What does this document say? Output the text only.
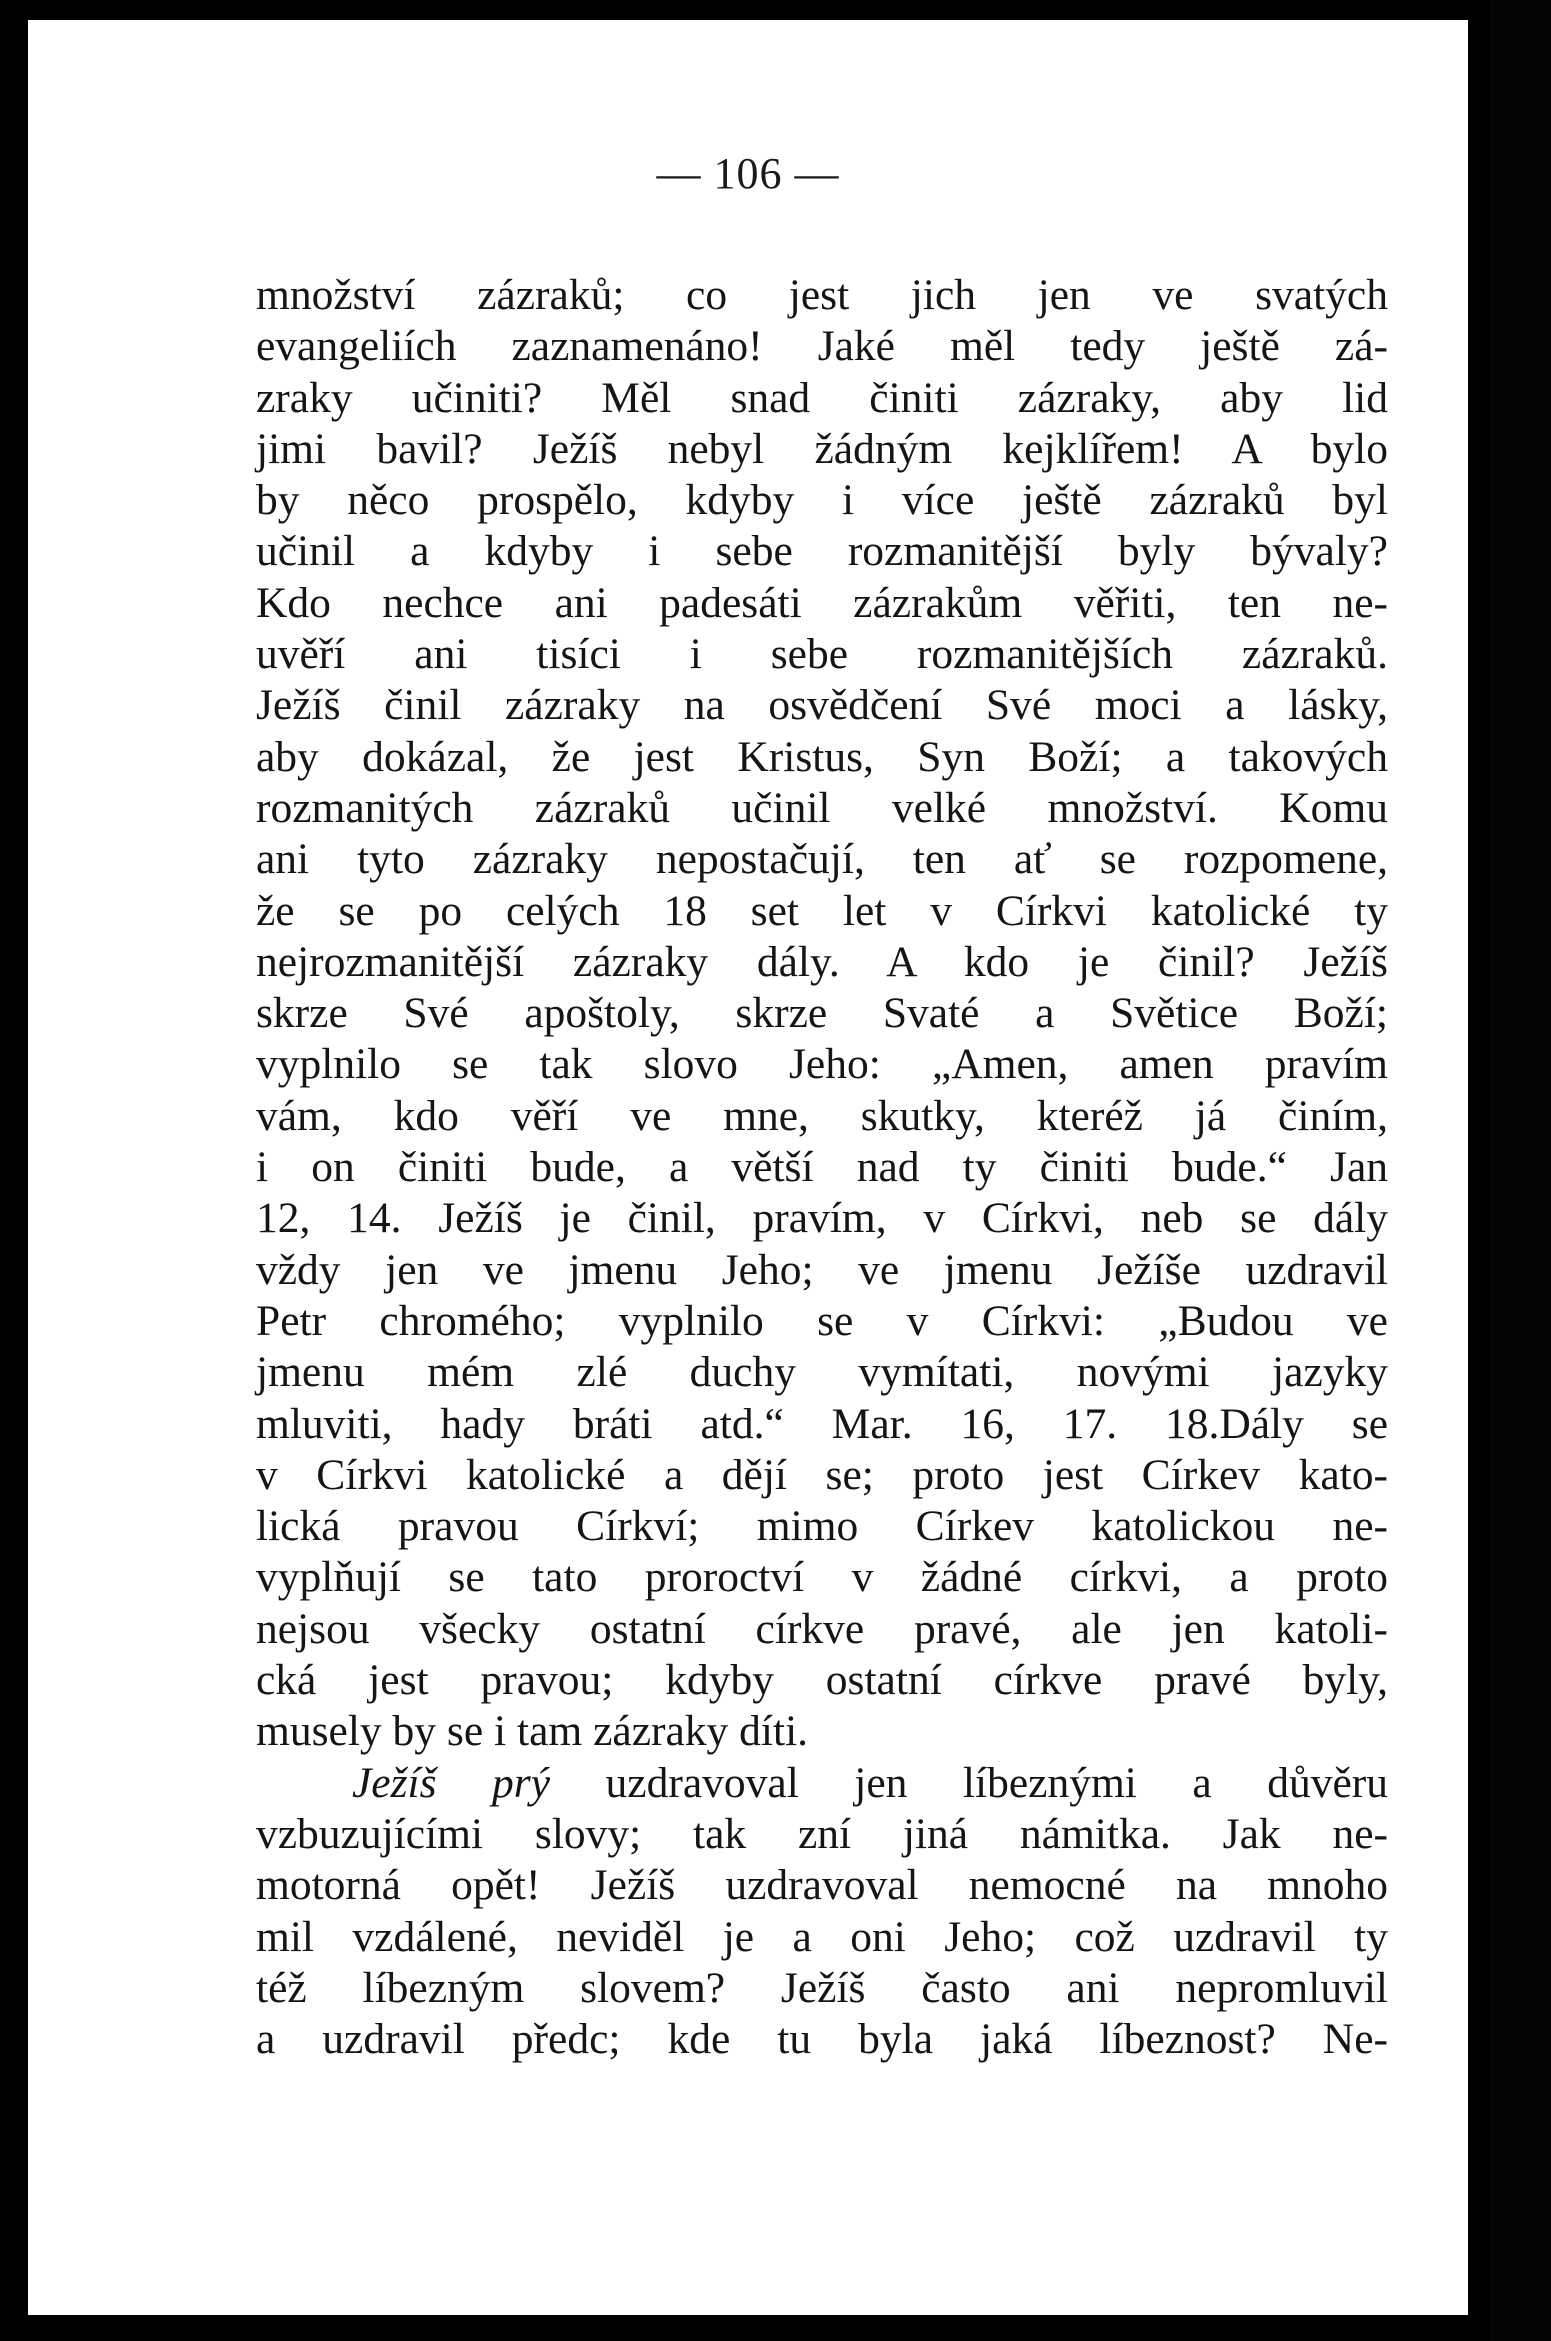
— 106 —
množství zázraků; co jest jich jen ve svatých
evangeliích zaznamenáno! Jaké měl tedy ještě zá-
zraky učiniti? Měl snad činiti zázraky, aby lid
jimi bavil? Ježíš nebyl žádným kejklířem! A bylo
by něco prospělo, kdyby i více ještě zázraků byl
učinil a kdyby i sebe rozmanitější byly bývaly?
Kdo nechce ani padesáti zázrakům věřiti, ten ne-
uvěří ani tisíci i sebe rozmanitějších zázraků.
Ježíš činil zázraky na osvědčení Své moci a lásky,
aby dokázal, že jest Kristus, Syn Boží; a takových
rozmanitých zázraků učinil velké množství. Komu
ani tyto zázraky nepostačují, ten ať se rozpomene,
že se po celých 18 set let v Církvi katolické ty
nejrozmanitější zázraky dály. A kdo je činil? Ježíš
skrze Své apoštoly, skrze Svaté a Světice Boží;
vyplnilo se tak slovo Jeho: „Amen, amen pravím
vám, kdo věří ve mne, skutky, kteréž já činím,
i on činiti bude, a větší nad ty činiti bude.“ Jan
12, 14. Ježíš je činil, pravím, v Církvi, neb se dály
vždy jen ve jmenu Jeho; ve jmenu Ježíše uzdravil
Petr chromého; vyplnilo se v Církvi: „Budou ve
jmenu mém zlé duchy vymítati, novými jazyky
mluviti, hady bráti atd.“ Mar. 16, 17. 18.Dály se
v Církvi katolické a dějí se; proto jest Církev kato-
lická pravou Církví; mimo Církev katolickou ne-
vyplňují se tato proroctví v žádné církvi, a proto
nejsou všecky ostatní církve pravé, ale jen katoli-
cká jest pravou; kdyby ostatní církve pravé byly,
musely by se i tam zázraky díti.
Ježíš prý uzdravoval jen líbeznými a důvěru
vzbuzujícími slovy; tak zní jiná námitka. Jak ne-
motorná opět! Ježíš uzdravoval nemocné na mnoho
mil vzdálené, neviděl je a oni Jeho; což uzdravil ty
též líbezným slovem? Ježíš často ani nepromluvil
a uzdravil předc; kde tu byla jaká líbeznost? Ne-
